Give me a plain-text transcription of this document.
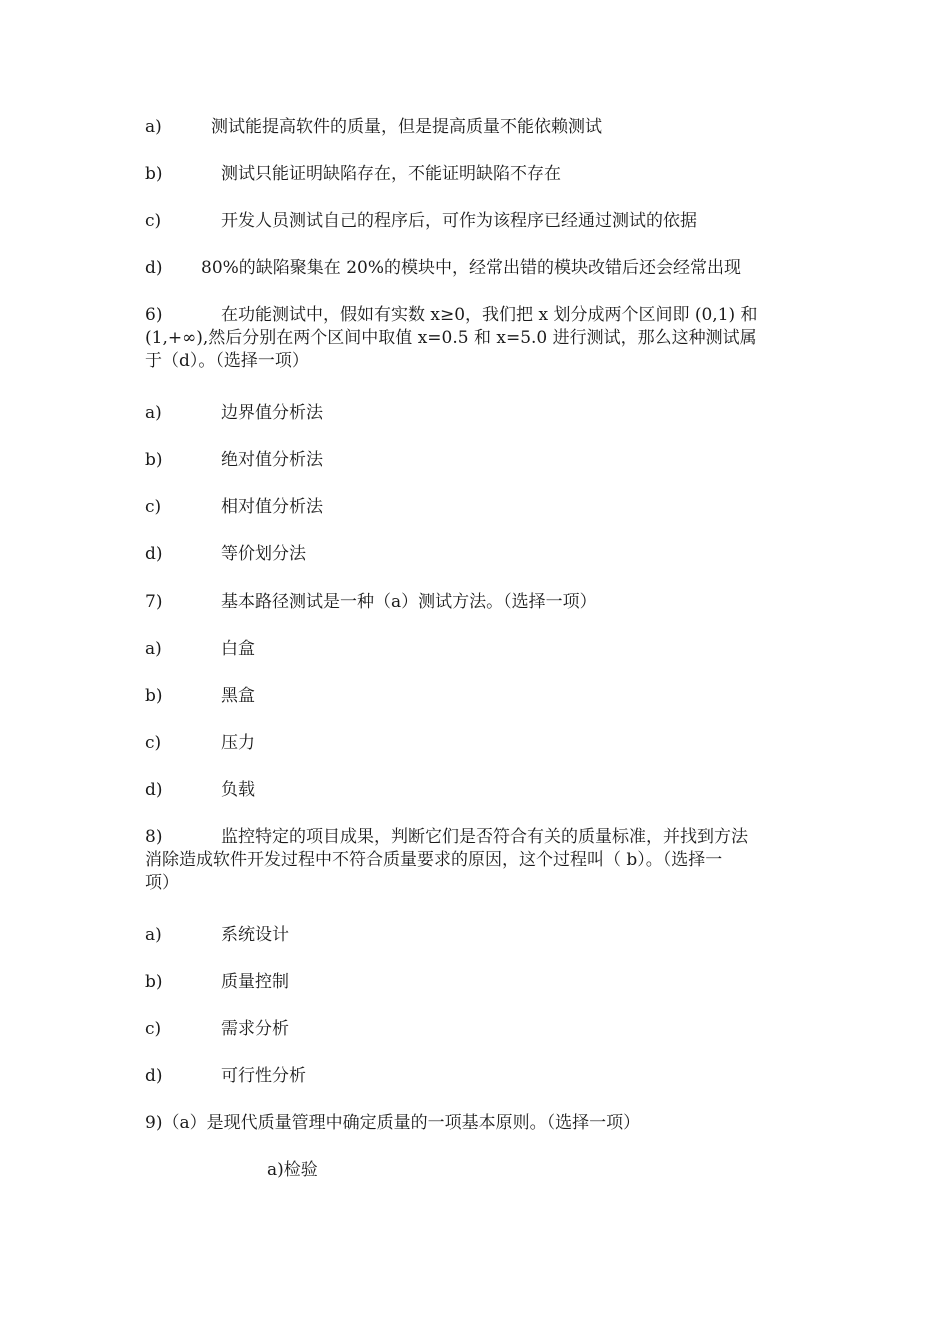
a)	测试能提高软件的质量，但是提高质量不能依赖测试
b)	测试只能证明缺陷存在，不能证明缺陷不存在
c)	开发人员测试自己的程序后，可作为该程序已经通过测试的依据
d) 80%的缺陷聚集在 20%的模块中，经常出错的模块改错后还会经常出现
6)	在功能测试中，假如有实数 x≥0，我们把 x 划分成两个区间即 (0,1) 和
(1,+∞),然后分别在两个区间中取值 x=0.5 和 x=5.0 进行测试，那么这种测试属
于（d）。（选择一项）
a)	边界值分析法
b)	绝对值分析法
c)	相对值分析法
d)	等价划分法
7)	基本路径测试是一种（a）测试方法。（选择一项）
a)	白盒
b)	黑盒
c)	压力
d)	负载
8)	监控特定的项目成果，判断它们是否符合有关的质量标准，并找到方法
消除造成软件开发过程中不符合质量要求的原因，这个过程叫（ b）。（选择一
项）
a)	系统设计
b)	质量控制
c)	需求分析
d)	可行性分析
9)（a）是现代质量管理中确定质量的一项基本原则。（选择一项）
a)检验
